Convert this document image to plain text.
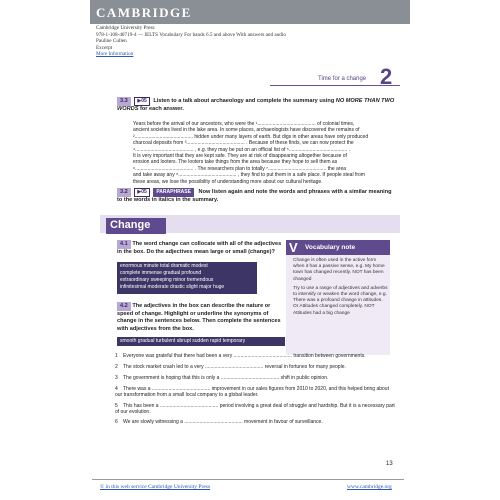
CAMBRIDGE
Cambridge University Press
978-1-108-40719-4 — IELTS Vocabulary For bands 6.5 and above With answers and audio
Pauline Cullen
Excerpt
More Information
Time for a change 2
3.3 ▶05 Listen to a talk about archaeology and complete the summary using NO MORE THAN TWO WORDS for each answer.
Years before the arrival of our ancestors, who were the ¹.......................................... of colonial times,
ancient societies lived in the lake area. In some places, archaeologists have discovered the remains of
².......................................... hidden under many layers of earth. But digs in other areas have only produced
charcoal deposits from ³.......................................... . Because of these finds, we can now protect the
⁴.......................................... , e.g. they may be put on an official list of ⁵.......................................... .
It is very important that they are kept safe. They are at risk of disappearing altogether because of
erosion and looters. The looters take things from the area because they hope to sell them as
⁶.......................................... . The researchers plan to totally ⁷.......................................... the area
and take away any ⁸.......................................... , they find to put them in a safe place. If people steal from
these areas, we lose the possibility of understanding more about our cultural heritage.
3.2 ▶05 PARAPHRASE Now listen again and note the words and phrases with a similar meaning to the words in italics in the summary.
Change
4.1 The word change can collocate with all of the adjectives in the box. Do the adjectives mean large or small (change)?
enormous minute total dramatic modest
complete immense gradual profound
extraordinary sweeping minor tremendous
infinitesimal moderate drastic slight major huge
V Vocabulary note

Change is often used in the active form when it has a passive sense, e.g. My home town has changed recently. NOT has been changed

Try to use a range of adjectives and adverbs to intensify or weaken the word change, e.g. There was a profound change in attitudes. Or Attitudes changed completely. NOT Attitudes had a big change

4.2 The adjectives in the box can describe the nature or speed of change. Highlight or underline the synonyms of change in the sentences below. Then complete the sentences with adjectives from the box.
smooth gradual turbulent abrupt sudden rapid temporary
1 Everyone was grateful that there had been a very .......................................... transition between governments.
2 The stock market crash led to a very .......................................... reversal in fortunes for many people.
3 The government is hoping that this is only a .......................................... shift in public opinion.
4 There was a .......................................... improvement in our sales figures from 2010 to 2020, and this helped bring about our transformation from a small local company to a global leader.
5 This has been a .......................................... period involving a great deal of struggle and hardship. But it is a necessary part of our evolution.
6 We are slowly witnessing a .......................................... movement in favour of surveillance.
13
© in this web service Cambridge University Press	www.cambridge.org
